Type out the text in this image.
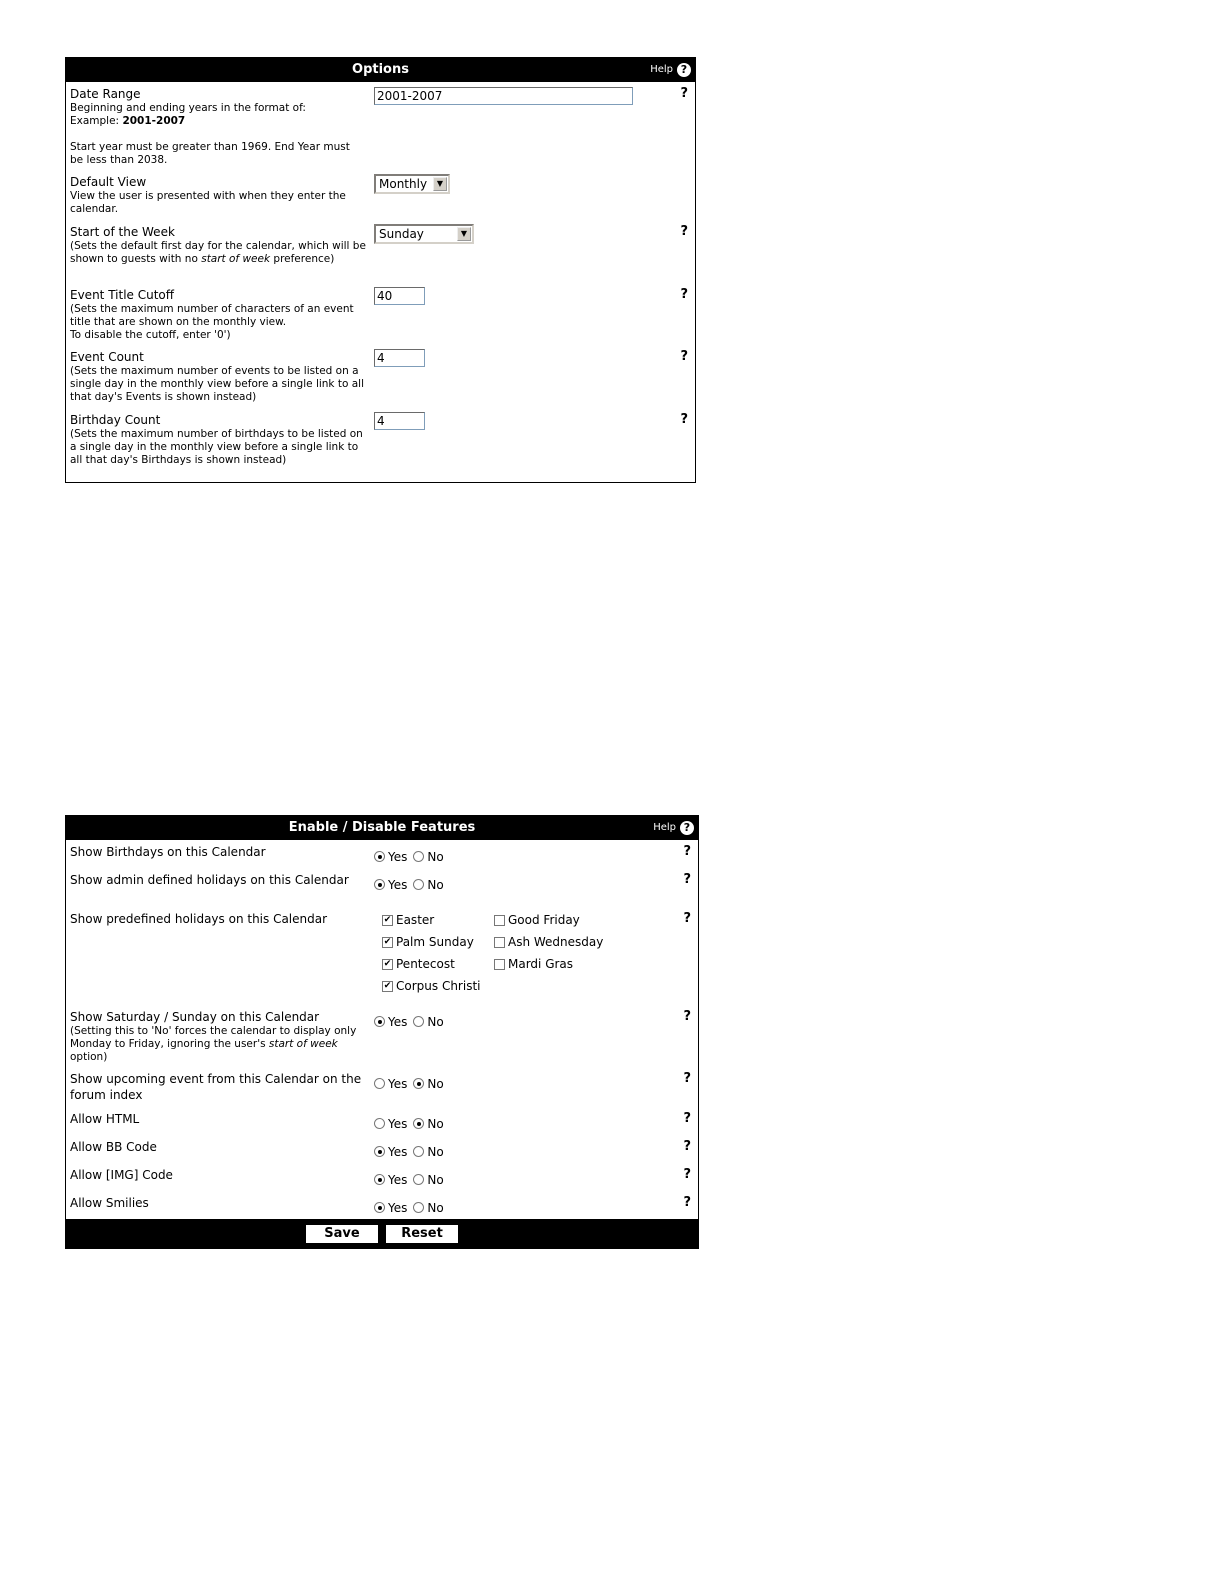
Options	Help ?
Date Range
Beginning and ending years in the format of:
Example: 2001-2007
Start year must be greater than 1969. End Year must be less than 2038.
2001-2007
?
Default View
View the user is presented with when they enter the calendar.
Monthly	▼
Start of the Week
(Sets the default first day for the calendar, which will be shown to guests with no start of week preference)
Sunday	▼	?
Event Title Cutoff
(Sets the maximum number of characters of an event title that are shown on the monthly view.
To disable the cutoff, enter '0')
40
?
Event Count
(Sets the maximum number of events to be listed on a single day in the monthly view before a single link to all that day's Events is shown instead)
4
?
Birthday Count
(Sets the maximum number of birthdays to be listed on a single day in the monthly view before a single link to all that day's Birthdays is shown instead)
4
?
Enable / Disable Features	Help ?
Show Birthdays on this Calendar	Yes No	?
Show admin defined holidays on this Calendar	Yes No	?
Show predefined holidays on this Calendar
✔	Easter	Good Friday
✔
Palm Sunday	Ash Wednesday
✔
Pentecost	Mardi Gras
✔
Corpus Christi
?
Show Saturday / Sunday on this Calendar
(Setting this to 'No' forces the calendar to display only Monday to Friday, ignoring the user's start of week option)
Yes No	?
Show upcoming event from this Calendar on the forum index
Yes No	?
Allow HTML	Yes No	?
Allow BB Code	Yes No	?
Allow [IMG] Code	Yes No	?
Allow Smilies	Yes No	?
Save	Reset
